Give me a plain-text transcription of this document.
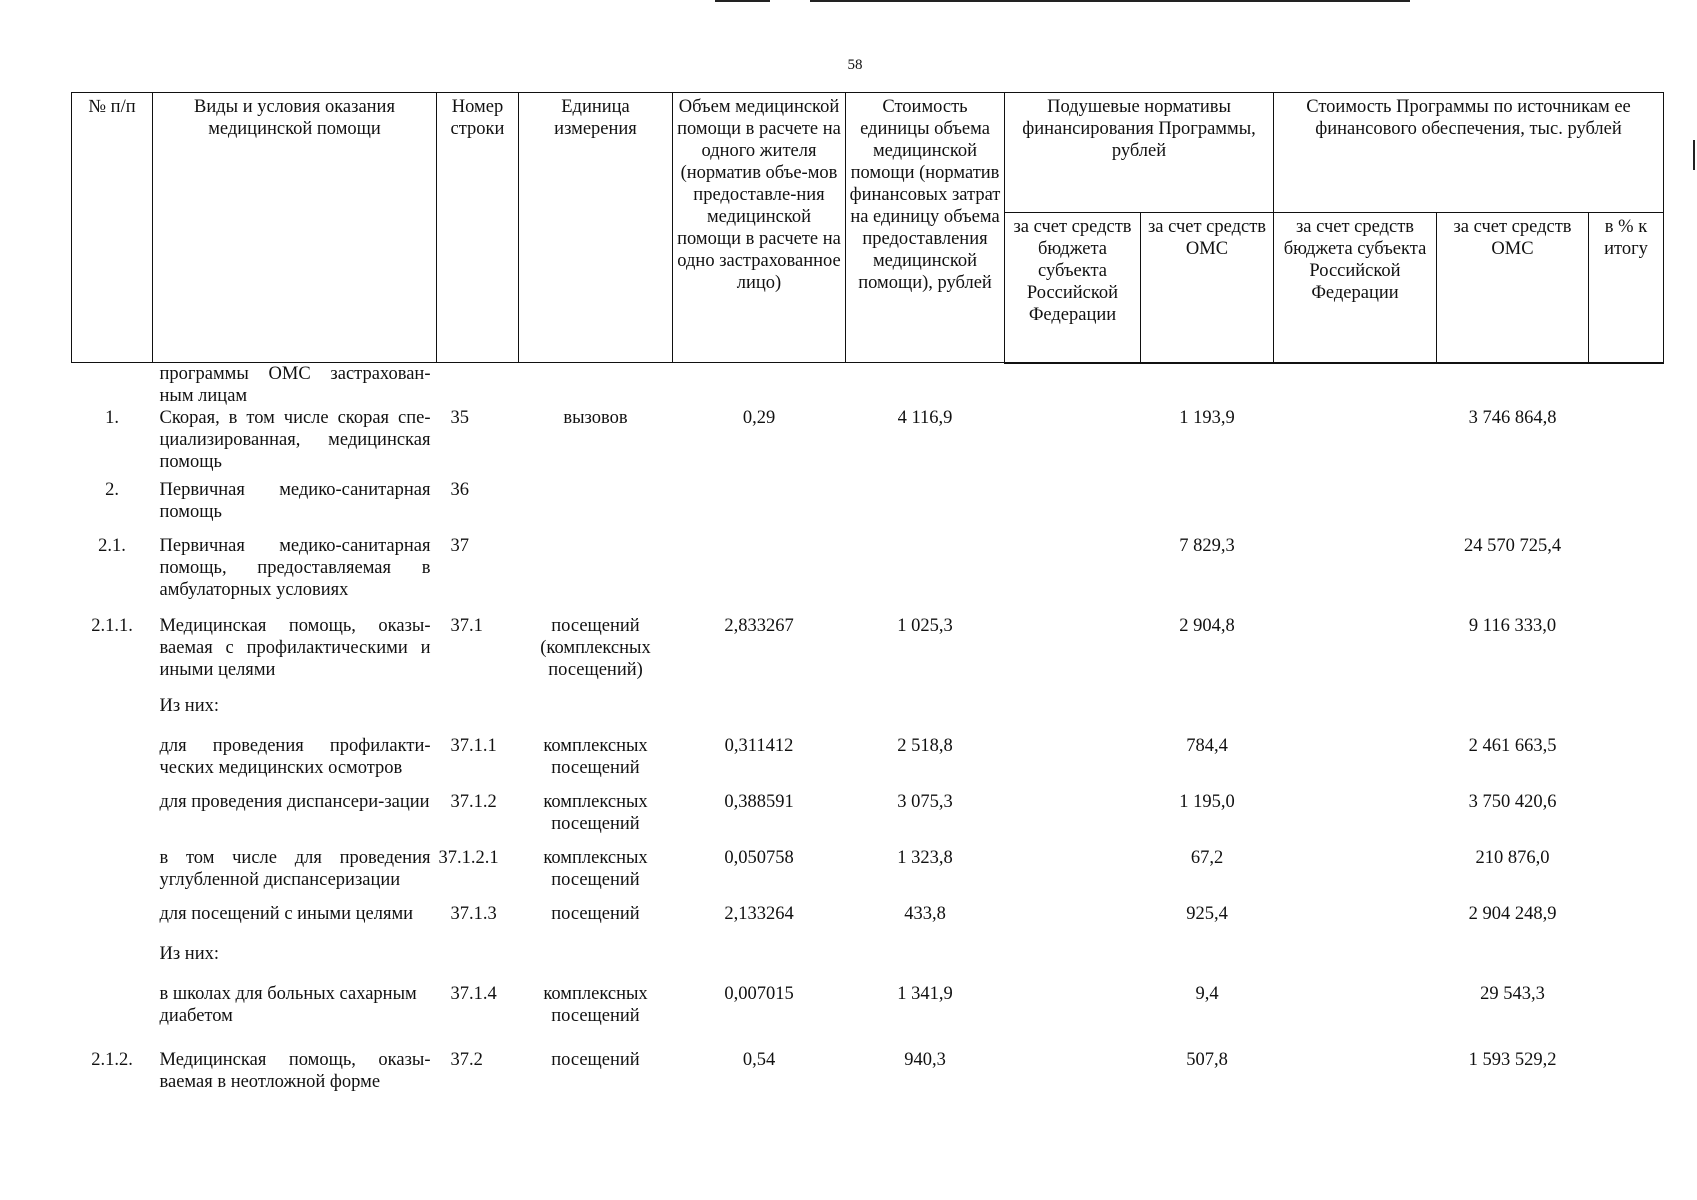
58
№ п/п	Виды и условия оказания медицинской помощи	Номер строки	Единица измерения	Объем медицинской помощи в расчете на одного жителя (норматив объе-мов предоставле-ния медицинской помощи в расчете на одно застрахованное лицо)	Стоимость единицы объема медицинской помощи (норматив финансовых затрат на единицу объема предоставления медицинской помощи), рублей	Подушевые нормативы финансирования Программы, рублей		Стоимость Программы по источникам ее финансового обеспечения, тыс. рублей		
						за счет средств бюджета субъекта Российской Федерации	за счет средств ОМС	за счет средств бюджета субъекта Российской Федерации	за счет средств ОМС	в % к итогу
	программы ОМС застрахован-ным лицам									
1.	Скорая, в том числе скорая спе-циализированная, медицинская помощь	35	вызовов	0,29	4 116,9		1 193,9		3 746 864,8	
2.	Первичная медико-санитарная помощь	36								
2.1.	Первичная медико-санитарная помощь, предоставляемая в амбулаторных условиях	37					7 829,3		24 570 725,4	
2.1.1.	Медицинская помощь, оказы-ваемая с профилактическими и иными целями	37.1	посещений (комплексных посещений)	2,833267	1 025,3		2 904,8		9 116 333,0	
	Из них:									
	для проведения профилакти-ческих медицинских осмотров	37.1.1	комплексных посещений	0,311412	2 518,8		784,4		2 461 663,5	
	для проведения диспансери-зации	37.1.2	комплексных посещений	0,388591	3 075,3		1 195,0		3 750 420,6	
	в том числе для проведения углубленной диспансеризации	37.1.2.1	комплексных посещений	0,050758	1 323,8		67,2		210 876,0	
	для посещений с иными целями	37.1.3	посещений	2,133264	433,8		925,4		2 904 248,9	
	Из них:									
	в школах для больных сахарным диабетом	37.1.4	комплексных посещений	0,007015	1 341,9		9,4		29 543,3	
2.1.2.	Медицинская помощь, оказы-ваемая в неотложной форме	37.2	посещений	0,54	940,3		507,8		1 593 529,2	
